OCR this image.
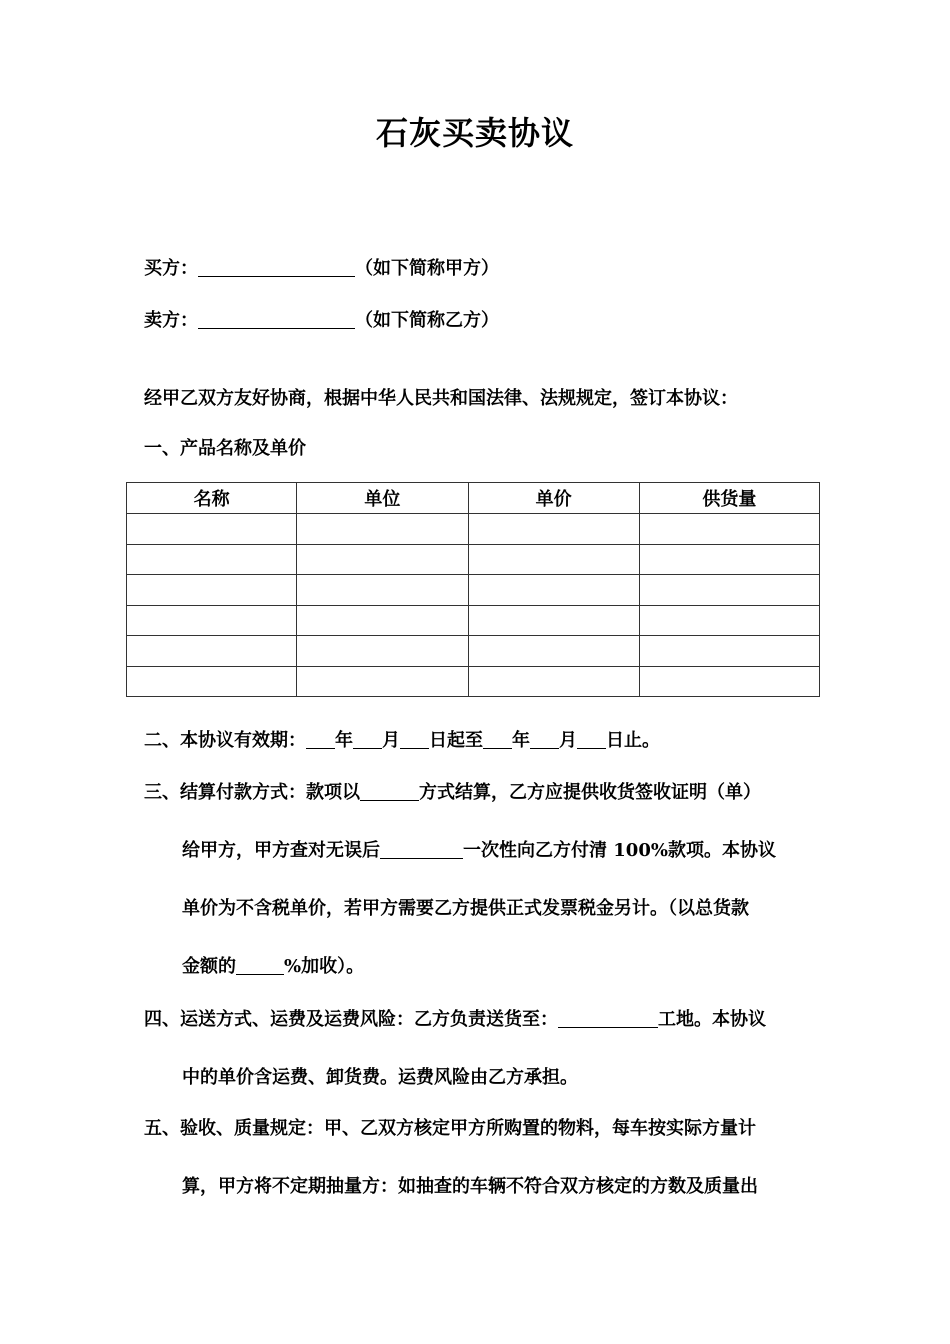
石灰买卖协议
买方：	（如下简称甲方）
卖方：	（如下简称乙方）
经甲乙双方友好协商，根据中华人民共和国法律、法规规定，签订本协议：
一、产品名称及单价
名称	单位	单价	供货量

二、本协议有效期： 年 月 日起至 年 月 日止。
三、结算付款方式：款项以	方式结算，乙方应提供收货签收证明（单）
给甲方，甲方查对无误后	一次性向乙方付清 100%款项。本协议
单价为不含税单价，若甲方需要乙方提供正式发票税金另计。（以总货款
金额的	%加收）。
四、运送方式、运费及运费风险：乙方负责送货至：	工地。本协议
中的单价含运费、卸货费。运费风险由乙方承担。
五、验收、质量规定：甲、乙双方核定甲方所购置的物料，每车按实际方量计
算，甲方将不定期抽量方：如抽查的车辆不符合双方核定的方数及质量出
